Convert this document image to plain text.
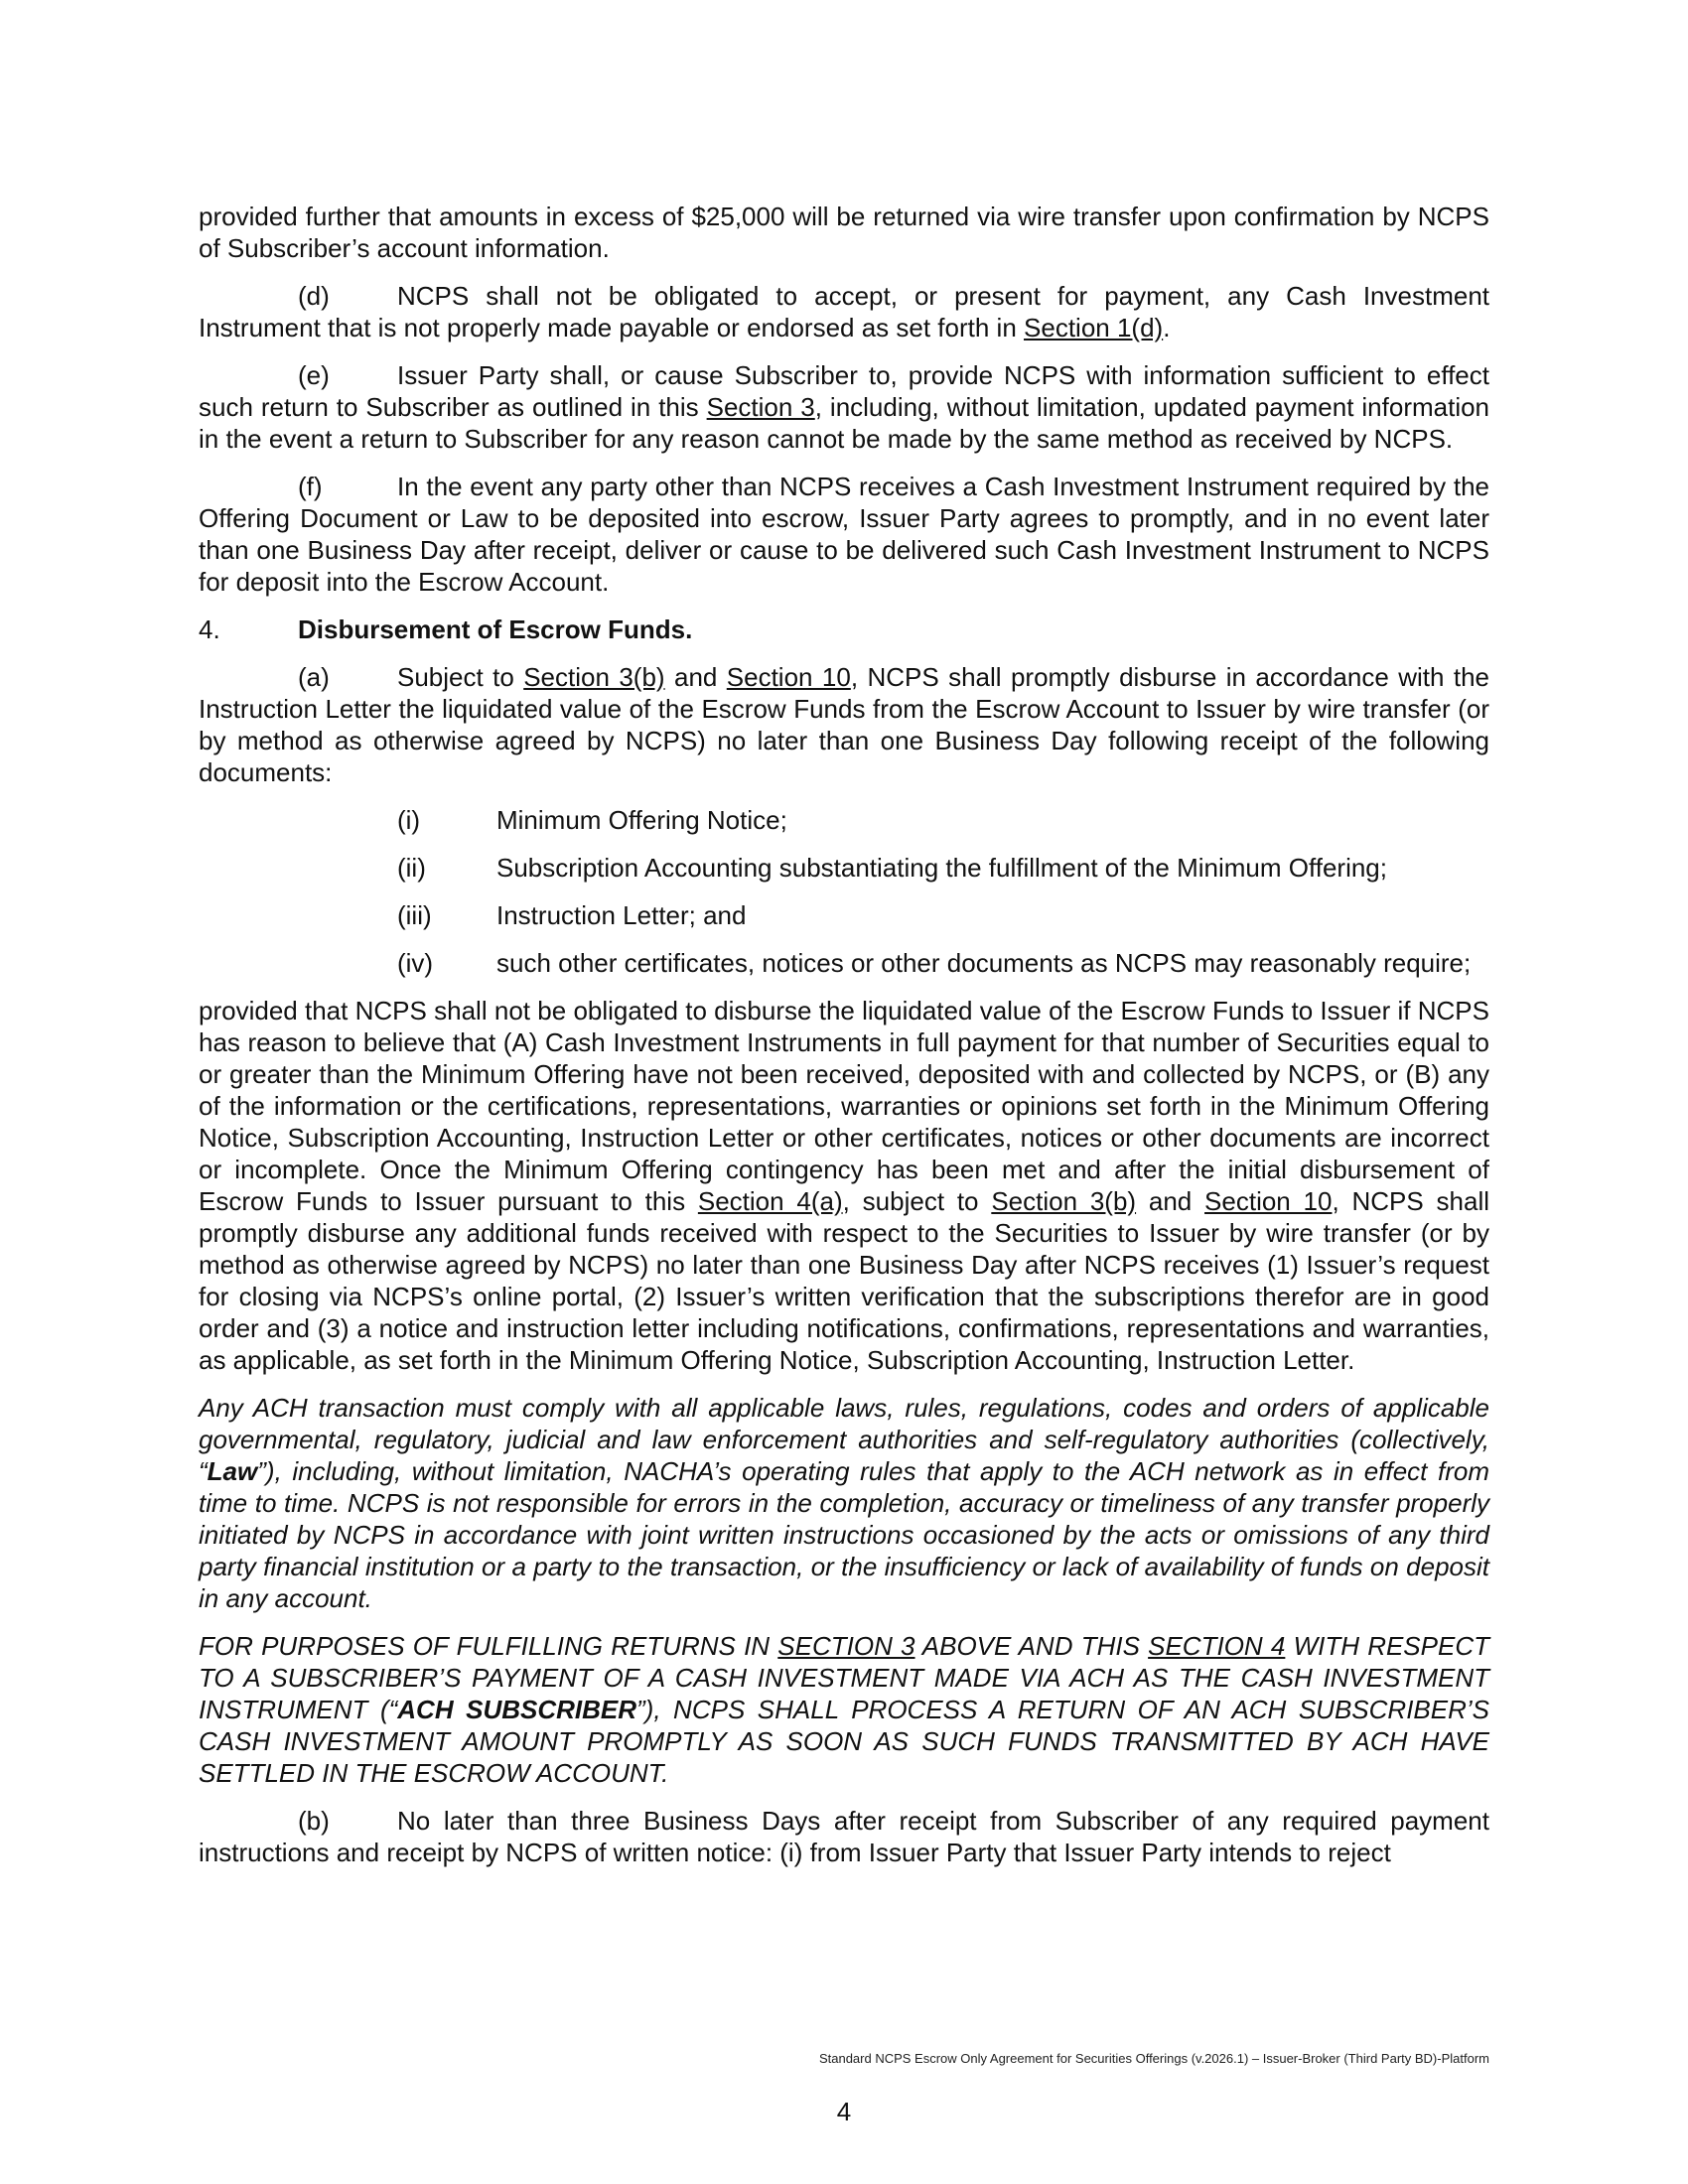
provided further that amounts in excess of $25,000 will be returned via wire transfer upon confirmation by NCPS of Subscriber’s account information.

(d)	NCPS shall not be obligated to accept, or present for payment, any Cash Investment Instrument that is not properly made payable or endorsed as set forth in Section 1(d).

(e)	Issuer Party shall, or cause Subscriber to, provide NCPS with information sufficient to effect such return to Subscriber as outlined in this Section 3, including, without limitation, updated payment information in the event a return to Subscriber for any reason cannot be made by the same method as received by NCPS.

(f)	In the event any party other than NCPS receives a Cash Investment Instrument required by the Offering Document or Law to be deposited into escrow, Issuer Party agrees to promptly, and in no event later than one Business Day after receipt, deliver or cause to be delivered such Cash Investment Instrument to NCPS for deposit into the Escrow Account.

4.	Disbursement of Escrow Funds.

(a)	Subject to Section 3(b) and Section 10, NCPS shall promptly disburse in accordance with the Instruction Letter the liquidated value of the Escrow Funds from the Escrow Account to Issuer by wire transfer (or by method as otherwise agreed by NCPS) no later than one Business Day following receipt of the following documents:

(i)	Minimum Offering Notice;
(ii)	Subscription Accounting substantiating the fulfillment of the Minimum Offering;
(iii)	Instruction Letter; and
(iv)	such other certificates, notices or other documents as NCPS may reasonably require;

provided that NCPS shall not be obligated to disburse the liquidated value of the Escrow Funds to Issuer if NCPS has reason to believe that (A) Cash Investment Instruments in full payment for that number of Securities equal to or greater than the Minimum Offering have not been received, deposited with and collected by NCPS, or (B) any of the information or the certifications, representations, warranties or opinions set forth in the Minimum Offering Notice, Subscription Accounting, Instruction Letter or other certificates, notices or other documents are incorrect or incomplete. Once the Minimum Offering contingency has been met and after the initial disbursement of Escrow Funds to Issuer pursuant to this Section 4(a), subject to Section 3(b) and Section 10, NCPS shall promptly disburse any additional funds received with respect to the Securities to Issuer by wire transfer (or by method as otherwise agreed by NCPS) no later than one Business Day after NCPS receives (1) Issuer’s request for closing via NCPS’s online portal, (2) Issuer’s written verification that the subscriptions therefor are in good order and (3) a notice and instruction letter including notifications, confirmations, representations and warranties, as applicable, as set forth in the Minimum Offering Notice, Subscription Accounting, Instruction Letter.

Any ACH transaction must comply with all applicable laws, rules, regulations, codes and orders of applicable governmental, regulatory, judicial and law enforcement authorities and self-regulatory authorities (collectively, “Law”), including, without limitation, NACHA’s operating rules that apply to the ACH network as in effect from time to time. NCPS is not responsible for errors in the completion, accuracy or timeliness of any transfer properly initiated by NCPS in accordance with joint written instructions occasioned by the acts or omissions of any third party financial institution or a party to the transaction, or the insufficiency or lack of availability of funds on deposit in any account.

FOR PURPOSES OF FULFILLING RETURNS IN SECTION 3 ABOVE AND THIS SECTION 4 WITH RESPECT TO A SUBSCRIBER’S PAYMENT OF A CASH INVESTMENT MADE VIA ACH AS THE CASH INVESTMENT INSTRUMENT (“ACH SUBSCRIBER”), NCPS SHALL PROCESS A RETURN OF AN ACH SUBSCRIBER’S CASH INVESTMENT AMOUNT PROMPTLY AS SOON AS SUCH FUNDS TRANSMITTED BY ACH HAVE SETTLED IN THE ESCROW ACCOUNT.

(b)	No later than three Business Days after receipt from Subscriber of any required payment instructions and receipt by NCPS of written notice: (i) from Issuer Party that Issuer Party intends to reject

Standard NCPS Escrow Only Agreement for Securities Offerings (v.2026.1) – Issuer-Broker (Third Party BD)-Platform
4
